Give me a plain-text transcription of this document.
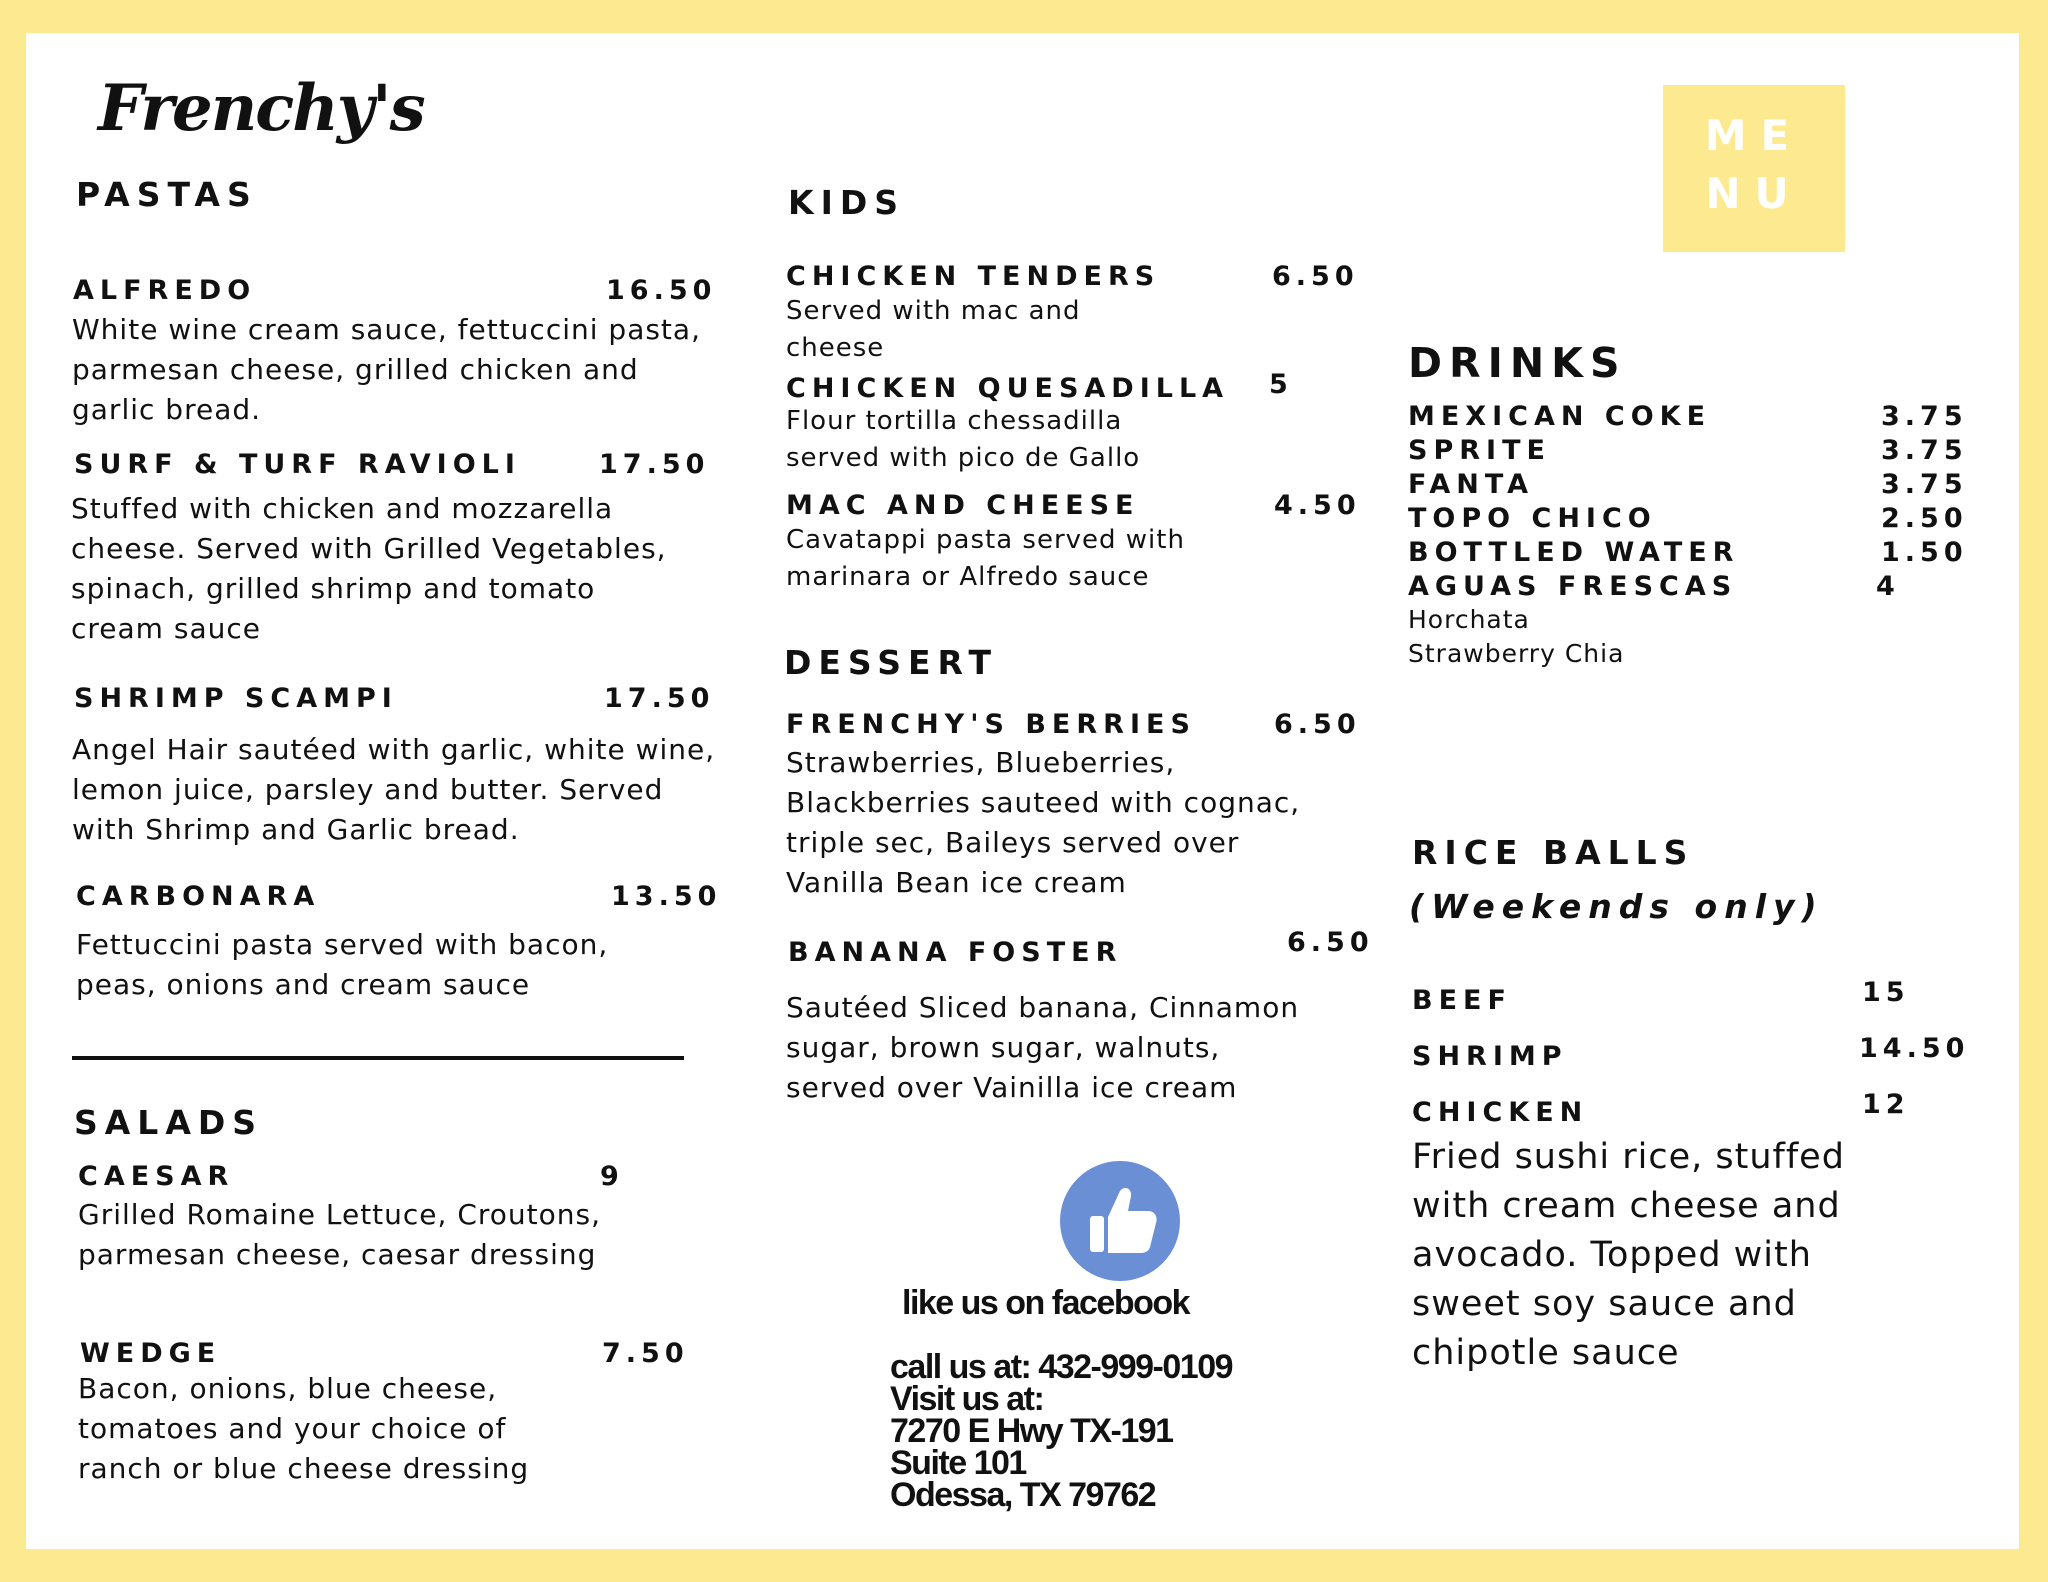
Frenchy's	ME
NU
PASTAS
ALFREDO	16.50
White wine cream sauce, fettuccini pasta, parmesan cheese, grilled chicken and garlic bread.
SURF & TURF RAVIOLI	17.50
Stuffed with chicken and mozzarella cheese. Served with Grilled Vegetables, spinach, grilled shrimp and tomato cream sauce
SHRIMP SCAMPI	17.50
Angel Hair sautéed with garlic, white wine, lemon juice, parsley and butter. Served with Shrimp and Garlic bread.
CARBONARA	13.50
Fettuccini pasta served with bacon, peas, onions and cream sauce
SALADS
CAESAR	9
Grilled Romaine Lettuce, Croutons, parmesan cheese, caesar dressing
WEDGE	7.50
Bacon, onions, blue cheese, tomatoes and your choice of ranch or blue cheese dressing
KIDS
CHICKEN TENDERS	6.50
Served with mac and cheese
CHICKEN QUESADILLA 5
Flour tortilla chessadilla served with pico de Gallo
MAC AND CHEESE	4.50
Cavatappi pasta served with marinara or Alfredo sauce
DESSERT
FRENCHY'S BERRIES	6.50
Strawberries, Blueberries, Blackberries sauteed with cognac, triple sec, Baileys served over Vanilla Bean ice cream
BANANA FOSTER	6.50
Sautéed Sliced banana, Cinnamon sugar, brown sugar, walnuts, served over Vainilla ice cream
like us on facebook
call us at: 432-999-0109
Visit us at:
7270 E Hwy TX-191
Suite 101
Odessa, TX 79762
DRINKS
MEXICAN COKE	3.75
SPRITE	3.75
FANTA	3.75
TOPO CHICO	2.50
BOTTLED WATER	1.50
AGUAS FRESCAS	4
Horchata
Strawberry Chia
RICE BALLS
(Weekends only)
BEEF	15
SHRIMP	14.50
CHICKEN	12
Fried sushi rice, stuffed with cream cheese and avocado. Topped with sweet soy sauce and chipotle sauce
